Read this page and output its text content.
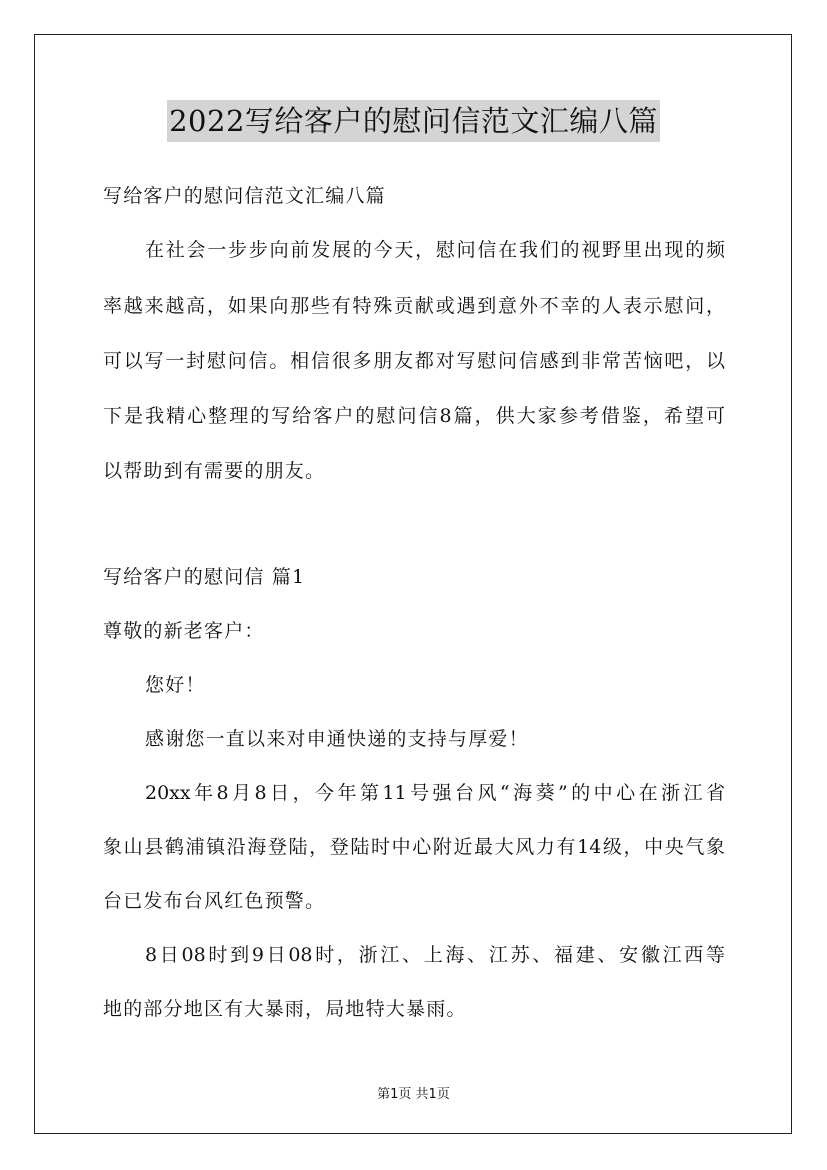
2022写给客户的慰问信范文汇编八篇
写给客户的慰问信范文汇编八篇
在社会一步步向前发展的今天，慰问信在我们的视野里出现的频
率越来越高，如果向那些有特殊贡献或遇到意外不幸的人表示慰问，
可以写一封慰问信。相信很多朋友都对写慰问信感到非常苦恼吧，以
下是我精心整理的写给客户的慰问信8篇，供大家参考借鉴，希望可
以帮助到有需要的朋友。
写给客户的慰问信 篇1
尊敬的新老客户：
您好！
感谢您一直以来对申通快递的支持与厚爱！
20xx年8月8日，今年第11号强台风“海葵”的中心在浙江省
象山县鹤浦镇沿海登陆，登陆时中心附近最大风力有14级，中央气象
台已发布台风红色预警。
8日08时到9日08时，浙江、上海、江苏、福建、安徽江西等
地的部分地区有大暴雨，局地特大暴雨。
第1页 共1页
